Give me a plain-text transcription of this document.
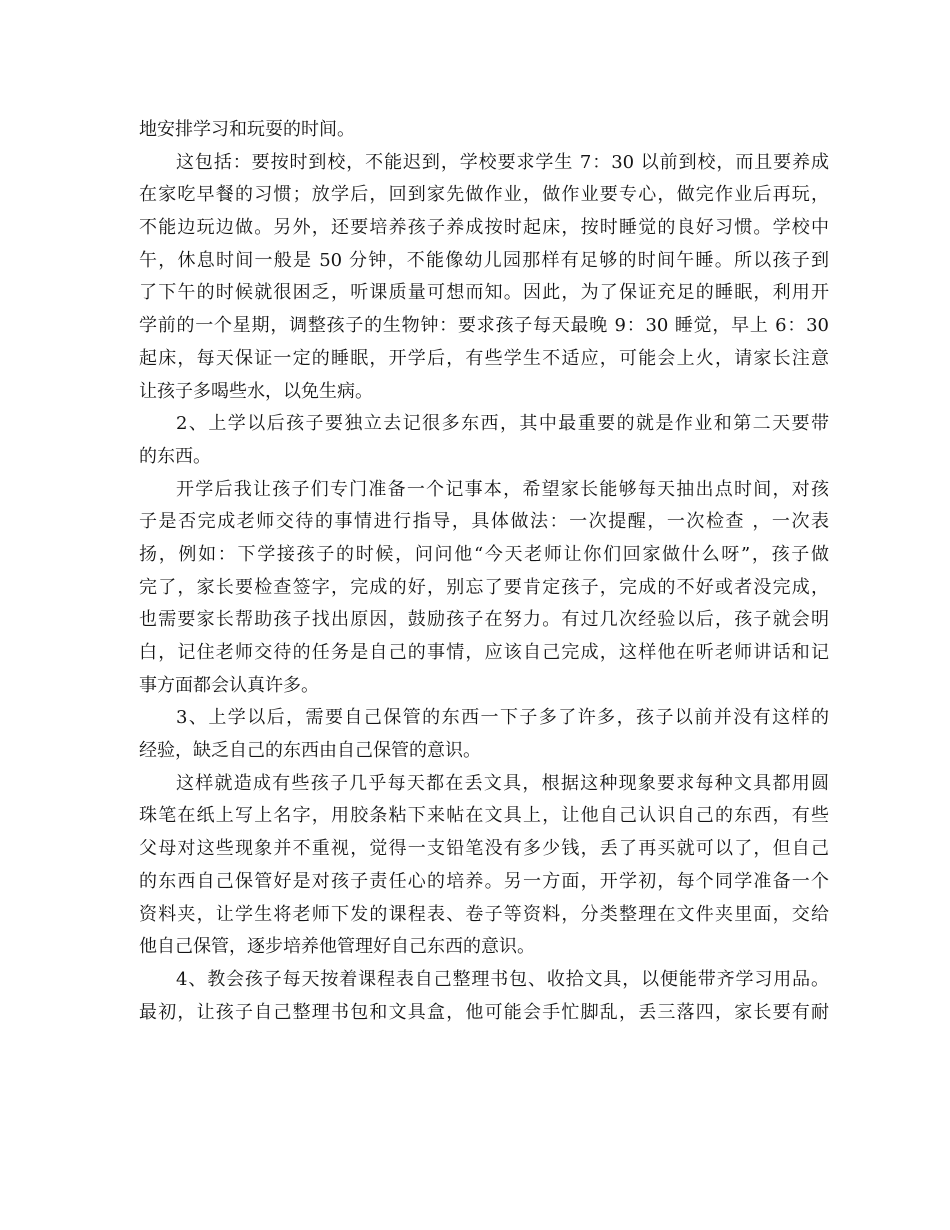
地安排学习和玩耍的时间。
这包括：要按时到校，不能迟到，学校要求学生 7：30 以前到校，而且要养成
在家吃早餐的习惯；放学后，回到家先做作业，做作业要专心，做完作业后再玩，
不能边玩边做。另外，还要培养孩子养成按时起床，按时睡觉的良好习惯。学校中
午，休息时间一般是 50 分钟，不能像幼儿园那样有足够的时间午睡。所以孩子到
了下午的时候就很困乏，听课质量可想而知。因此，为了保证充足的睡眠，利用开
学前的一个星期，调整孩子的生物钟：要求孩子每天最晚 9：30 睡觉，早上 6：30
起床，每天保证一定的睡眠，开学后，有些学生不适应，可能会上火，请家长注意
让孩子多喝些水，以免生病。
2、上学以后孩子要独立去记很多东西，其中最重要的就是作业和第二天要带
的东西。
开学后我让孩子们专门准备一个记事本，希望家长能够每天抽出点时间，对孩
子是否完成老师交待的事情进行指导，具体做法：一次提醒，一次检查 ，一次表
扬，例如：下学接孩子的时候，问问他“今天老师让你们回家做什么呀”，孩子做
完了，家长要检查签字，完成的好，别忘了要肯定孩子，完成的不好或者没完成，
也需要家长帮助孩子找出原因，鼓励孩子在努力。有过几次经验以后，孩子就会明
白，记住老师交待的任务是自己的事情，应该自己完成，这样他在听老师讲话和记
事方面都会认真许多。
3、上学以后，需要自己保管的东西一下子多了许多，孩子以前并没有这样的
经验，缺乏自己的东西由自己保管的意识。
这样就造成有些孩子几乎每天都在丢文具，根据这种现象要求每种文具都用圆
珠笔在纸上写上名字，用胶条粘下来帖在文具上，让他自己认识自己的东西，有些
父母对这些现象并不重视，觉得一支铅笔没有多少钱，丢了再买就可以了，但自己
的东西自己保管好是对孩子责任心的培养。另一方面，开学初，每个同学准备一个
资料夹，让学生将老师下发的课程表、卷子等资料，分类整理在文件夹里面，交给
他自己保管，逐步培养他管理好自己东西的意识。
4、教会孩子每天按着课程表自己整理书包、收拾文具，以便能带齐学习用品。
最初，让孩子自己整理书包和文具盒，他可能会手忙脚乱，丢三落四，家长要有耐
